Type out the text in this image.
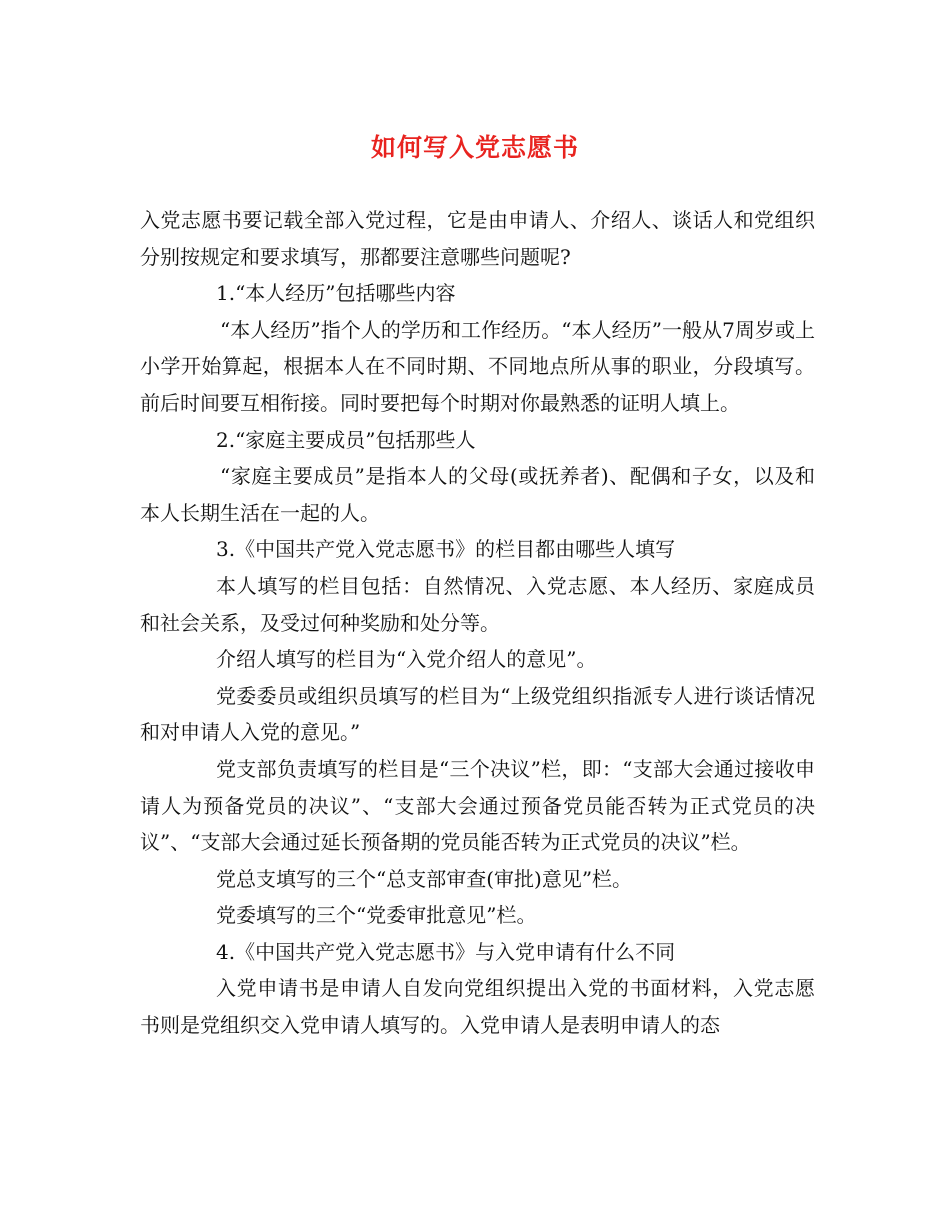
如何写入党志愿书

入党志愿书要记载全部入党过程，它是由申请人、介绍人、谈话人和党组织分别按规定和要求填写，那都要注意哪些问题呢?

1.“本人经历”包括哪些内容

“本人经历”指个人的学历和工作经历。“本人经历”一般从7周岁或上小学开始算起，根据本人在不同时期、不同地点所从事的职业，分段填写。前后时间要互相衔接。同时要把每个时期对你最熟悉的证明人填上。

2.“家庭主要成员”包括那些人

“家庭主要成员”是指本人的父母(或抚养者)、配偶和子女，以及和本人长期生活在一起的人。

3.《中国共产党入党志愿书》的栏目都由哪些人填写

本人填写的栏目包括：自然情况、入党志愿、本人经历、家庭成员和社会关系，及受过何种奖励和处分等。

介绍人填写的栏目为“入党介绍人的意见”。

党委委员或组织员填写的栏目为“上级党组织指派专人进行谈话情况和对申请人入党的意见。”

党支部负责填写的栏目是“三个决议”栏，即：“支部大会通过接收申请人为预备党员的决议”、“支部大会通过预备党员能否转为正式党员的决议”、“支部大会通过延长预备期的党员能否转为正式党员的决议”栏。

党总支填写的三个“总支部审查(审批)意见”栏。

党委填写的三个“党委审批意见”栏。

4.《中国共产党入党志愿书》与入党申请有什么不同

入党申请书是申请人自发向党组织提出入党的书面材料，入党志愿书则是党组织交入党申请人填写的。入党申请人是表明申请人的态
